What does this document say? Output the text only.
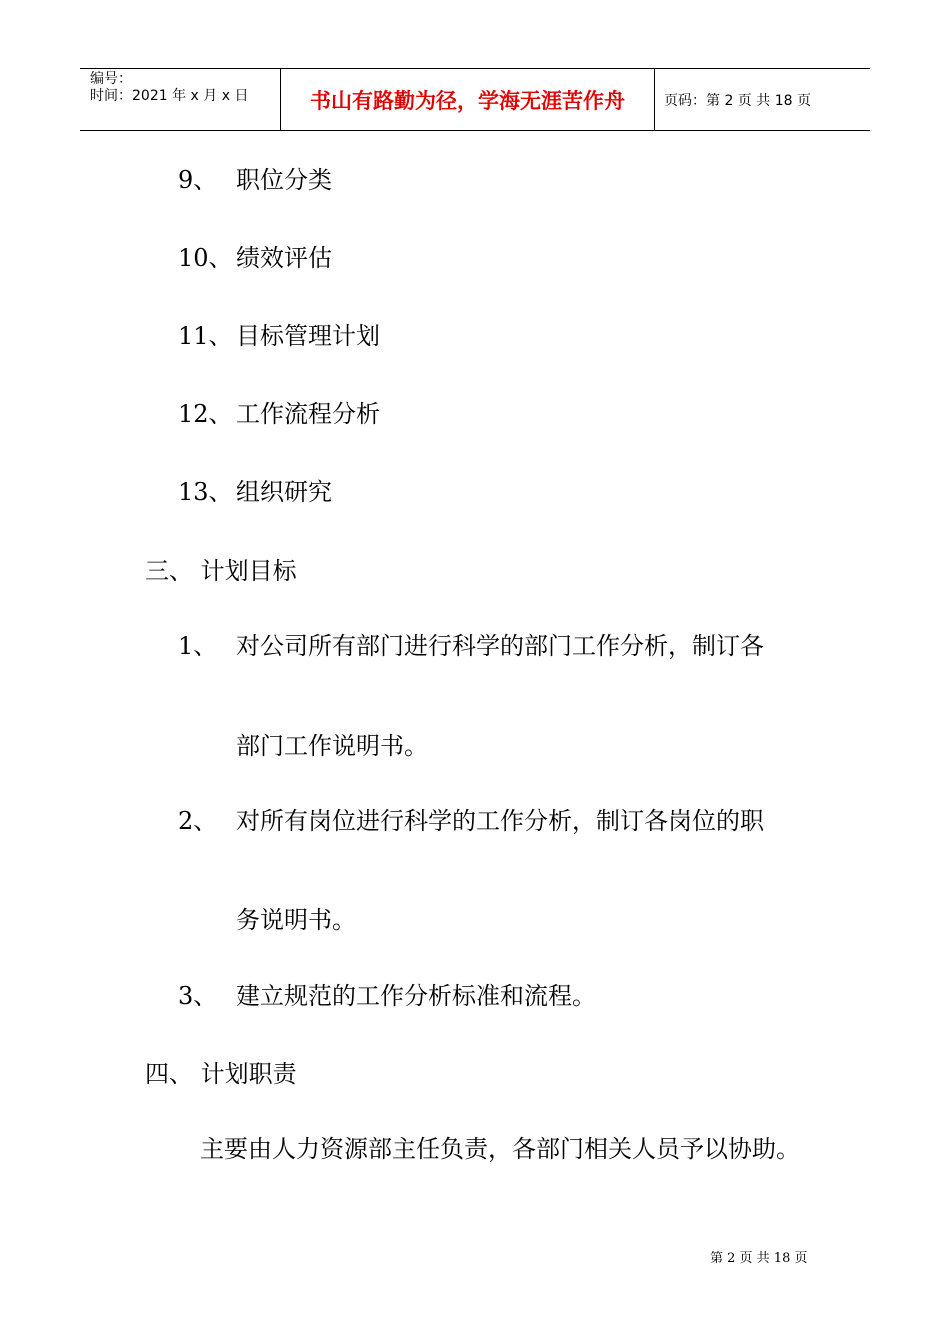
编号：
时间：2021 年 x 月 x 日	书山有路勤为径，学海无涯苦作舟	页码：第 2 页 共 18 页
9、 职位分类
10、 绩效评估
11、 目标管理计划
12、 工作流程分析
13、 组织研究
三、 计划目标
1、 对公司所有部门进行科学的部门工作分析，制订各
部门工作说明书。
2、 对所有岗位进行科学的工作分析，制订各岗位的职
务说明书。
3、 建立规范的工作分析标准和流程。
四、 计划职责
主要由人力资源部主任负责，各部门相关人员予以协助。
第 2 页 共 18 页
